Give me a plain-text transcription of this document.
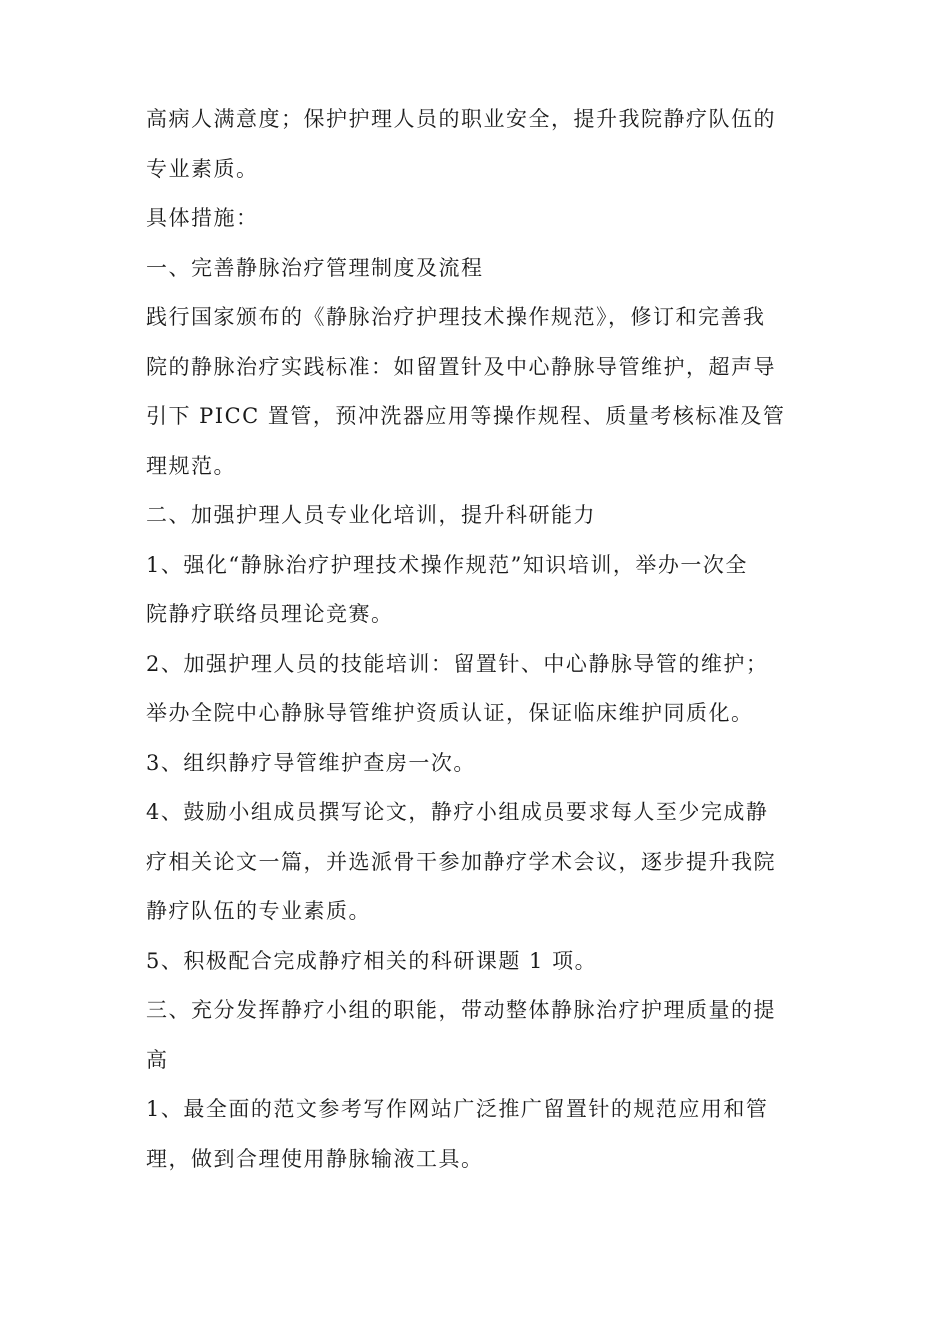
高病人满意度；保护护理人员的职业安全，提升我院静疗队伍的
专业素质。
具体措施：
一、完善静脉治疗管理制度及流程
践行国家颁布的《静脉治疗护理技术操作规范》，修订和完善我
院的静脉治疗实践标准：如留置针及中心静脉导管维护，超声导
引下 PICC 置管，预冲洗器应用等操作规程、质量考核标准及管
理规范。
二、加强护理人员专业化培训，提升科研能力
1、强化“静脉治疗护理技术操作规范”知识培训，举办一次全
院静疗联络员理论竞赛。
2、加强护理人员的技能培训：留置针、中心静脉导管的维护；
举办全院中心静脉导管维护资质认证，保证临床维护同质化。
3、组织静疗导管维护查房一次。
4、鼓励小组成员撰写论文，静疗小组成员要求每人至少完成静
疗相关论文一篇，并选派骨干参加静疗学术会议，逐步提升我院
静疗队伍的专业素质。
5、积极配合完成静疗相关的科研课题 1 项。
三、充分发挥静疗小组的职能，带动整体静脉治疗护理质量的提
高
1、最全面的范文参考写作网站广泛推广留置针的规范应用和管
理，做到合理使用静脉输液工具。
